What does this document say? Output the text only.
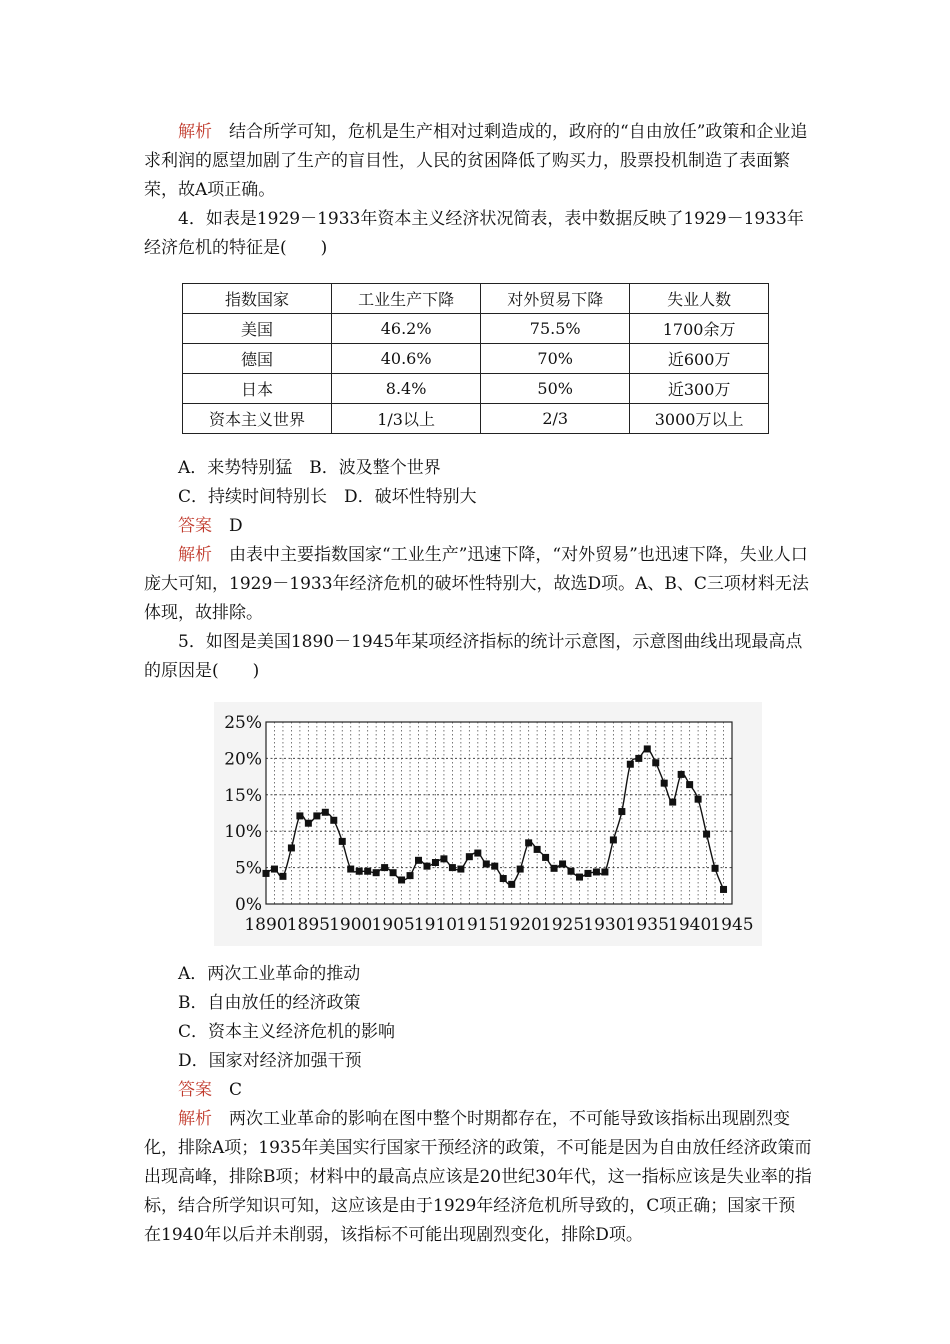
解析　 结合所学可知，危机是生产相对过剩造成的，政府的“自由放任”政策和企业追求利润的愿望加剧了生产的盲目性，人民的贫困降低了购买力，股票投机制造了表面繁荣，故A项正确。

4．如表是1929－1933年资本主义经济状况简表，表中数据反映了1929－1933年经济危机的特征是(　　)

指数国家	工业生产下降	对外贸易下降	失业人数
美国	46.2%	75.5%	1700余万
德国	40.6%	70%	近600万
日本	8.4%	50%	近300万
资本主义世界	1/3以上	2/3	3000万以上

A．来势特别猛　B．波及整个世界

C．持续时间特别长　D．破坏性特别大

答案　 D

解析　 由表中主要指数国家“工业生产”迅速下降，“对外贸易”也迅速下降，失业人口庞大可知，1929－1933年经济危机的破坏性特别大，故选D项。A、B、C三项材料无法体现，故排除。

5．如图是美国1890－1945年某项经济指标的统计示意图，示意图曲线出现最高点的原因是(　　)

0%
5%
10%
15%
20%
25%
1890 1895 1900 1905 1910 1915 1920 1925 1930 1935 1940 1945

A．两次工业革命的推动

B．自由放任的经济政策

C．资本主义经济危机的影响

D．国家对经济加强干预

答案　 C

解析　 两次工业革命的影响在图中整个时期都存在，不可能导致该指标出现剧烈变化，排除A项；1935年美国实行国家干预经济的政策，不可能是因为自由放任经济政策而出现高峰，排除B项；材料中的最高点应该是20世纪30年代，这一指标应该是失业率的指标，结合所学知识可知，这应该是由于1929年经济危机所导致的，C项正确；国家干预在1940年以后并未削弱，该指标不可能出现剧烈变化，排除D项。
